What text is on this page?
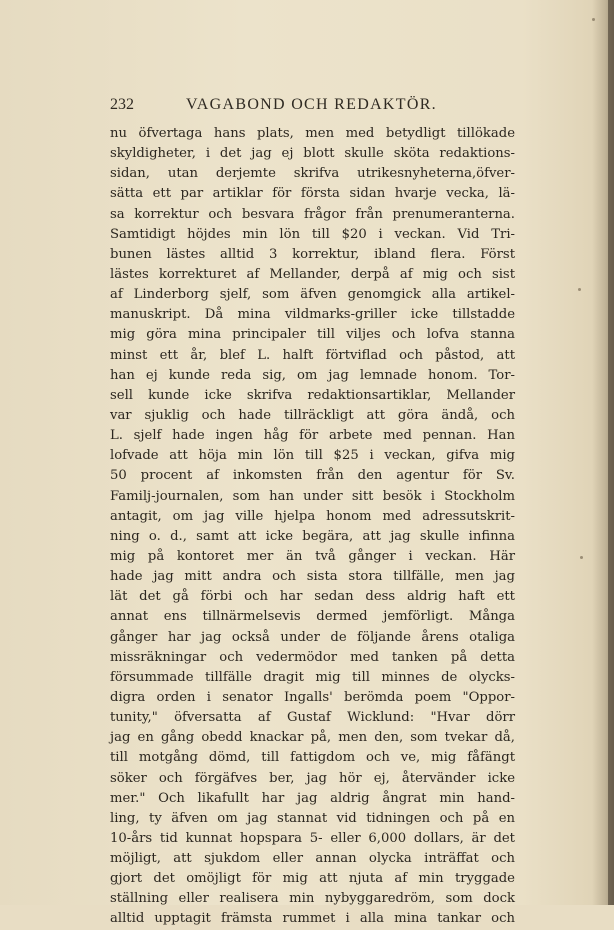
232	VAGABOND OCH REDAKTÖR.
nu öfvertaga hans plats, men med betydligt tillökade
skyldigheter, i det jag ej blott skulle sköta redaktions-
sidan, utan derjemte skrifva utrikesnyheterna,öfver-
sätta ett par artiklar för första sidan hvarje vecka, lä-
sa korrektur och besvara frågor från prenumeranterna.
Samtidigt höjdes min lön till $20 i veckan. Vid Tri-
bunen lästes alltid 3 korrektur, ibland flera. Först
lästes korrekturet af Mellander, derpå af mig och sist
af Linderborg sjelf, som äfven genomgick alla artikel-
manuskript. Då mina vildmarks-griller icke tillstadde
mig göra mina principaler till viljes och lofva stanna
minst ett år, blef L. halft förtviflad och påstod, att
han ej kunde reda sig, om jag lemnade honom. Tor-
sell kunde icke skrifva redaktionsartiklar, Mellander
var sjuklig och hade tillräckligt att göra ändå, och
L. sjelf hade ingen håg för arbete med pennan. Han
lofvade att höja min lön till $25 i veckan, gifva mig
50 procent af inkomsten från den agentur för Sv.
Familj-journalen, som han under sitt besök i Stockholm
antagit, om jag ville hjelpa honom med adressutskrit-
ning o. d., samt att icke begära, att jag skulle infinna
mig på kontoret mer än två gånger i veckan. Här
hade jag mitt andra och sista stora tillfälle, men jag
lät det gå förbi och har sedan dess aldrig haft ett
annat ens tillnärmelsevis dermed jemförligt. Många
gånger har jag också under de följande årens otaliga
missräkningar och vedermödor med tanken på detta
försummade tillfälle dragit mig till minnes de olycks-
digra orden i senator Ingalls' berömda poem "Oppor-
tunity," öfversatta af Gustaf Wicklund: "Hvar dörr
jag en gång obedd knackar på, men den, som tvekar då,
till motgång dömd, till fattigdom och ve, mig fåfängt
söker och förgäfves ber, jag hör ej, återvänder icke
mer." Och likafullt har jag aldrig ångrat min hand-
ling, ty äfven om jag stannat vid tidningen och på en
10-års tid kunnat hopspara 5- eller 6,000 dollars, är det
möjligt, att sjukdom eller annan olycka inträffat och
gjort det omöjligt för mig att njuta af min tryggade
ställning eller realisera min nybyggaredröm, som dock
alltid upptagit främsta rummet i alla mina tankar och
